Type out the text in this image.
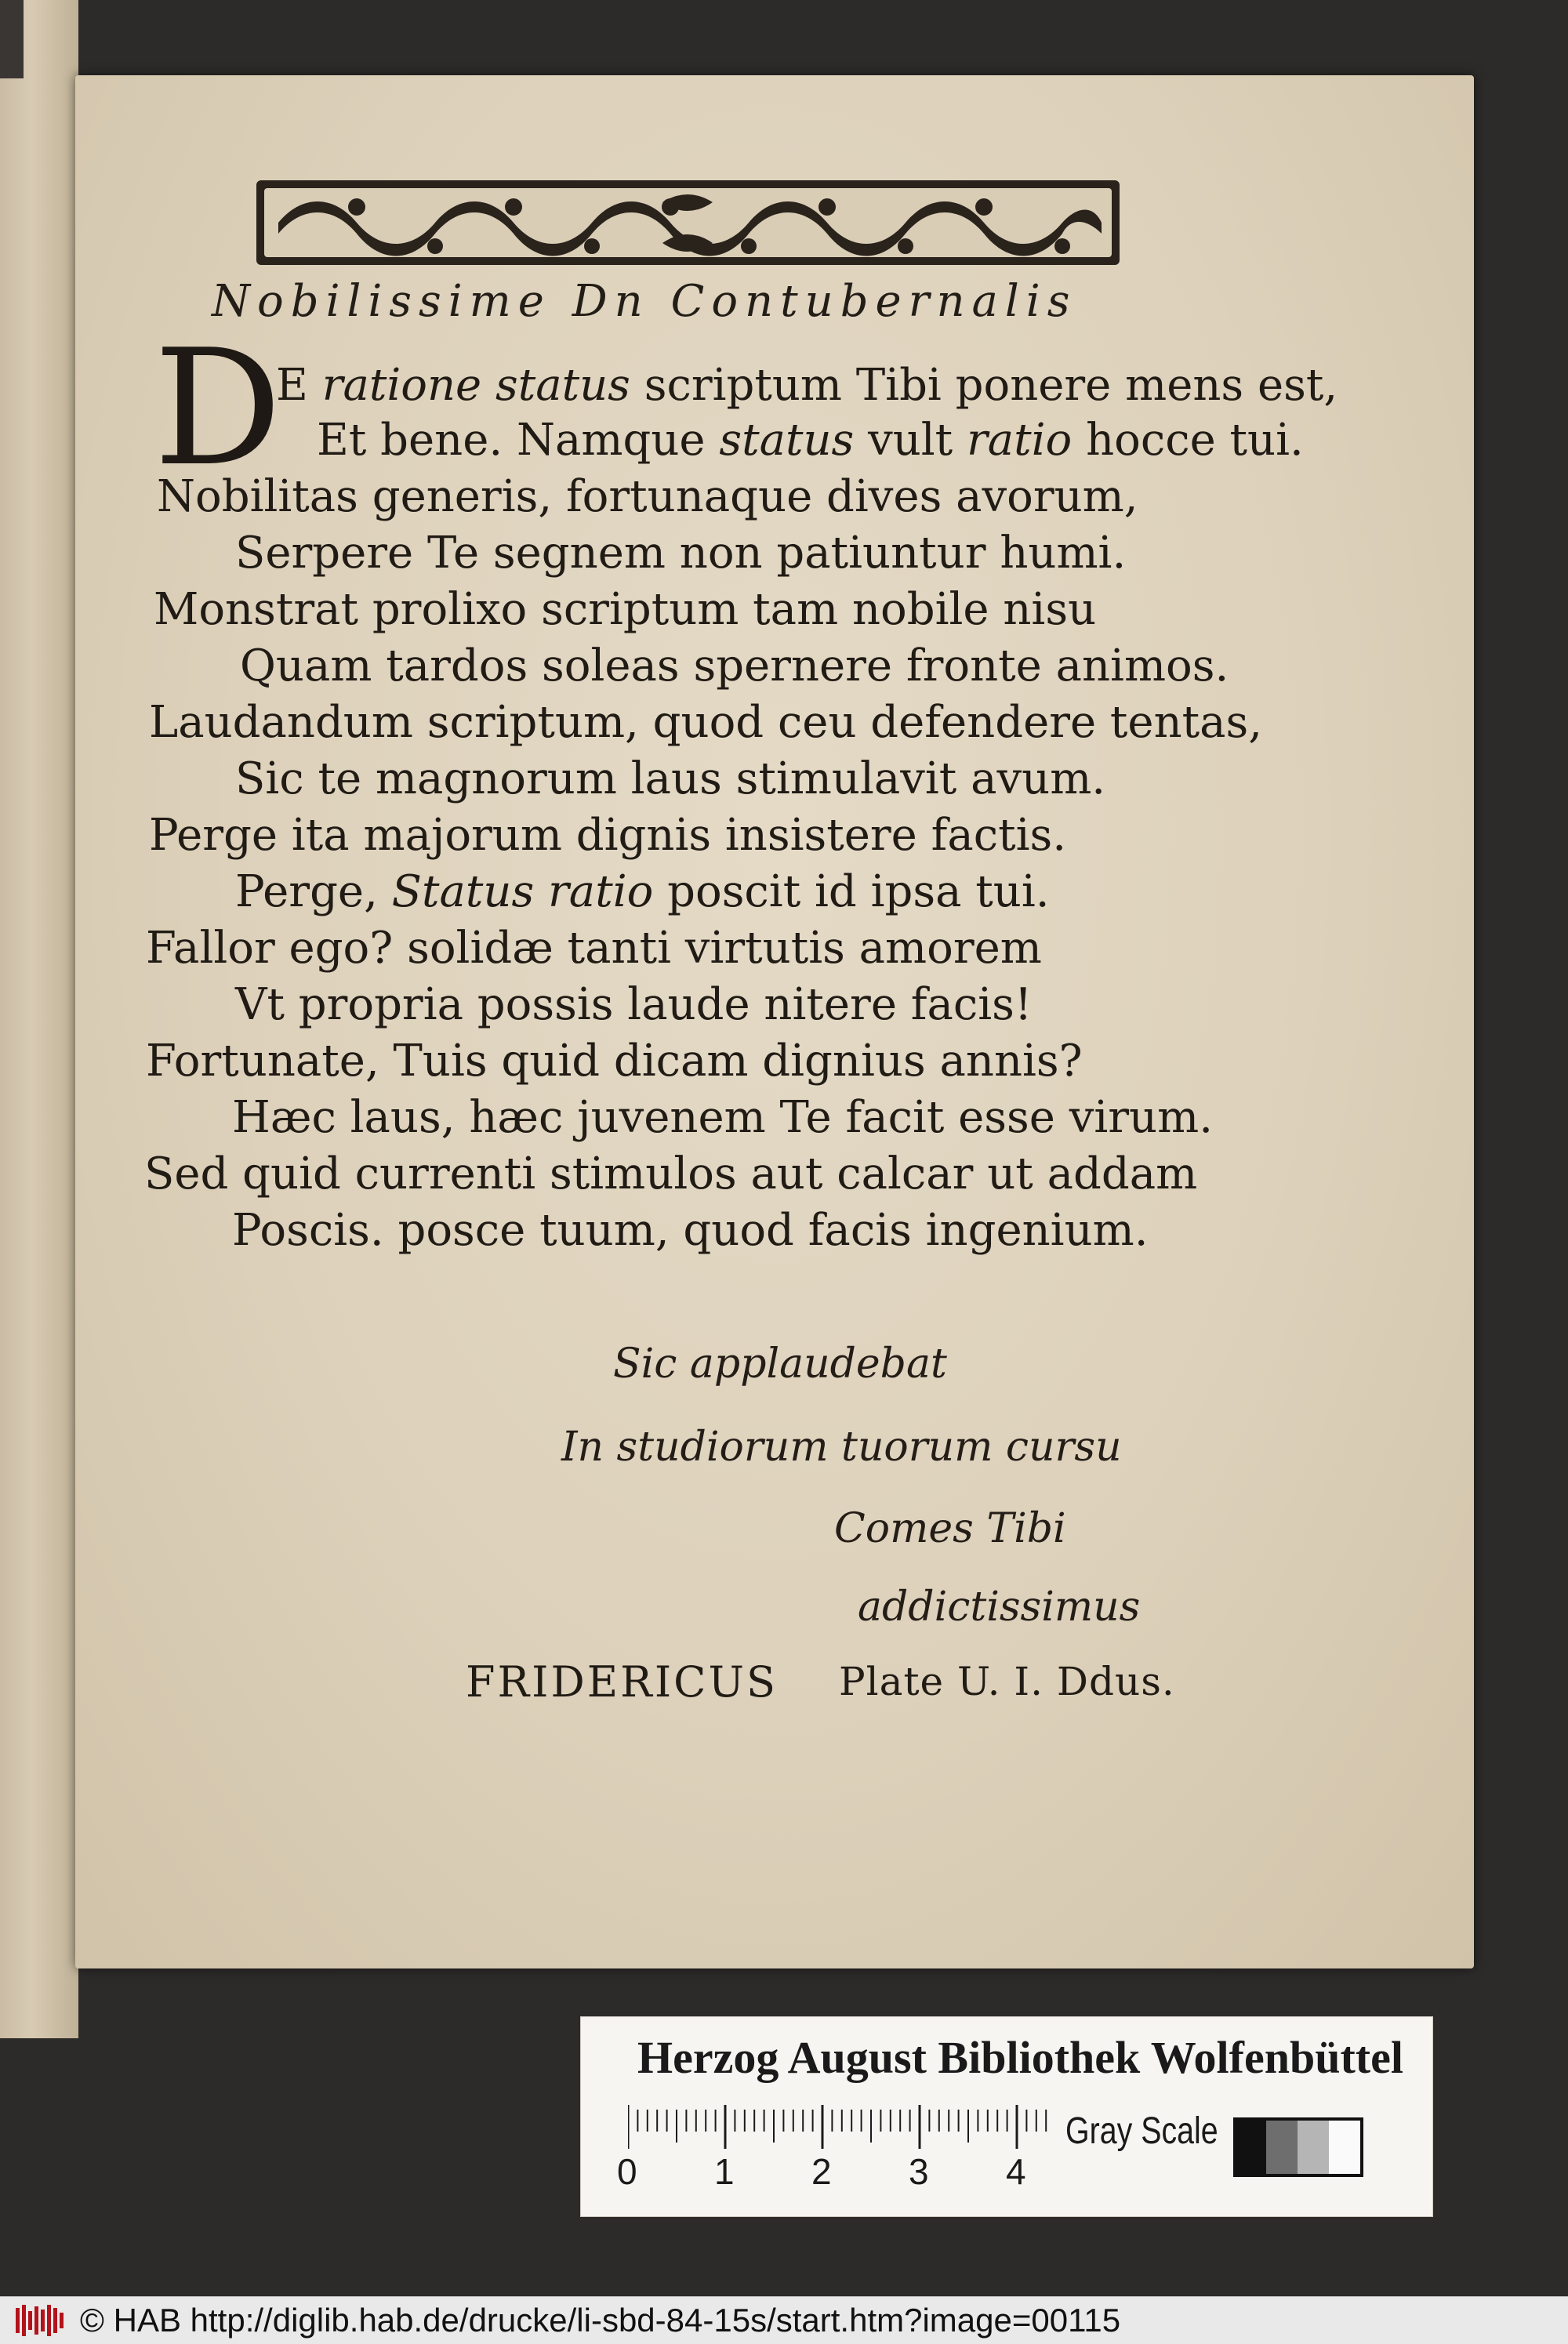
Nobilissime Dn Contubernalis
D
E ratione status scriptum Tibi ponere mens est,
Et bene. Namque status vult ratio hocce tui.
Nobilitas generis, fortunaque dives avorum,
Serpere Te segnem non patiuntur humi.
Monstrat prolixo scriptum tam nobile nisu
Quam tardos soleas spernere fronte animos.
Laudandum scriptum, quod ceu defendere tentas,
Sic te magnorum laus stimulavit avum.
Perge ita majorum dignis insistere factis.
Perge, Status ratio poscit id ipsa tui.
Fallor ego? solidæ tanti virtutis amorem
Vt propria possis laude nitere facis!
Fortunate, Tuis quid dicam dignius annis?
Hæc laus, hæc juvenem Te facit esse virum.
Sed quid currenti stimulos aut calcar ut addam
Poscis. posce tuum, quod facis ingenium.
Sic applaudebat
In studiorum tuorum cursu
Comes Tibi
addictissimus
FRIDERICUS Plate U. I. Ddus.
Herzog August Bibliothek Wolfenbüttel
0 1 2 3 4
Gray Scale
© HAB http://diglib.hab.de/drucke/li-sbd-84-15s/start.htm?image=00115
